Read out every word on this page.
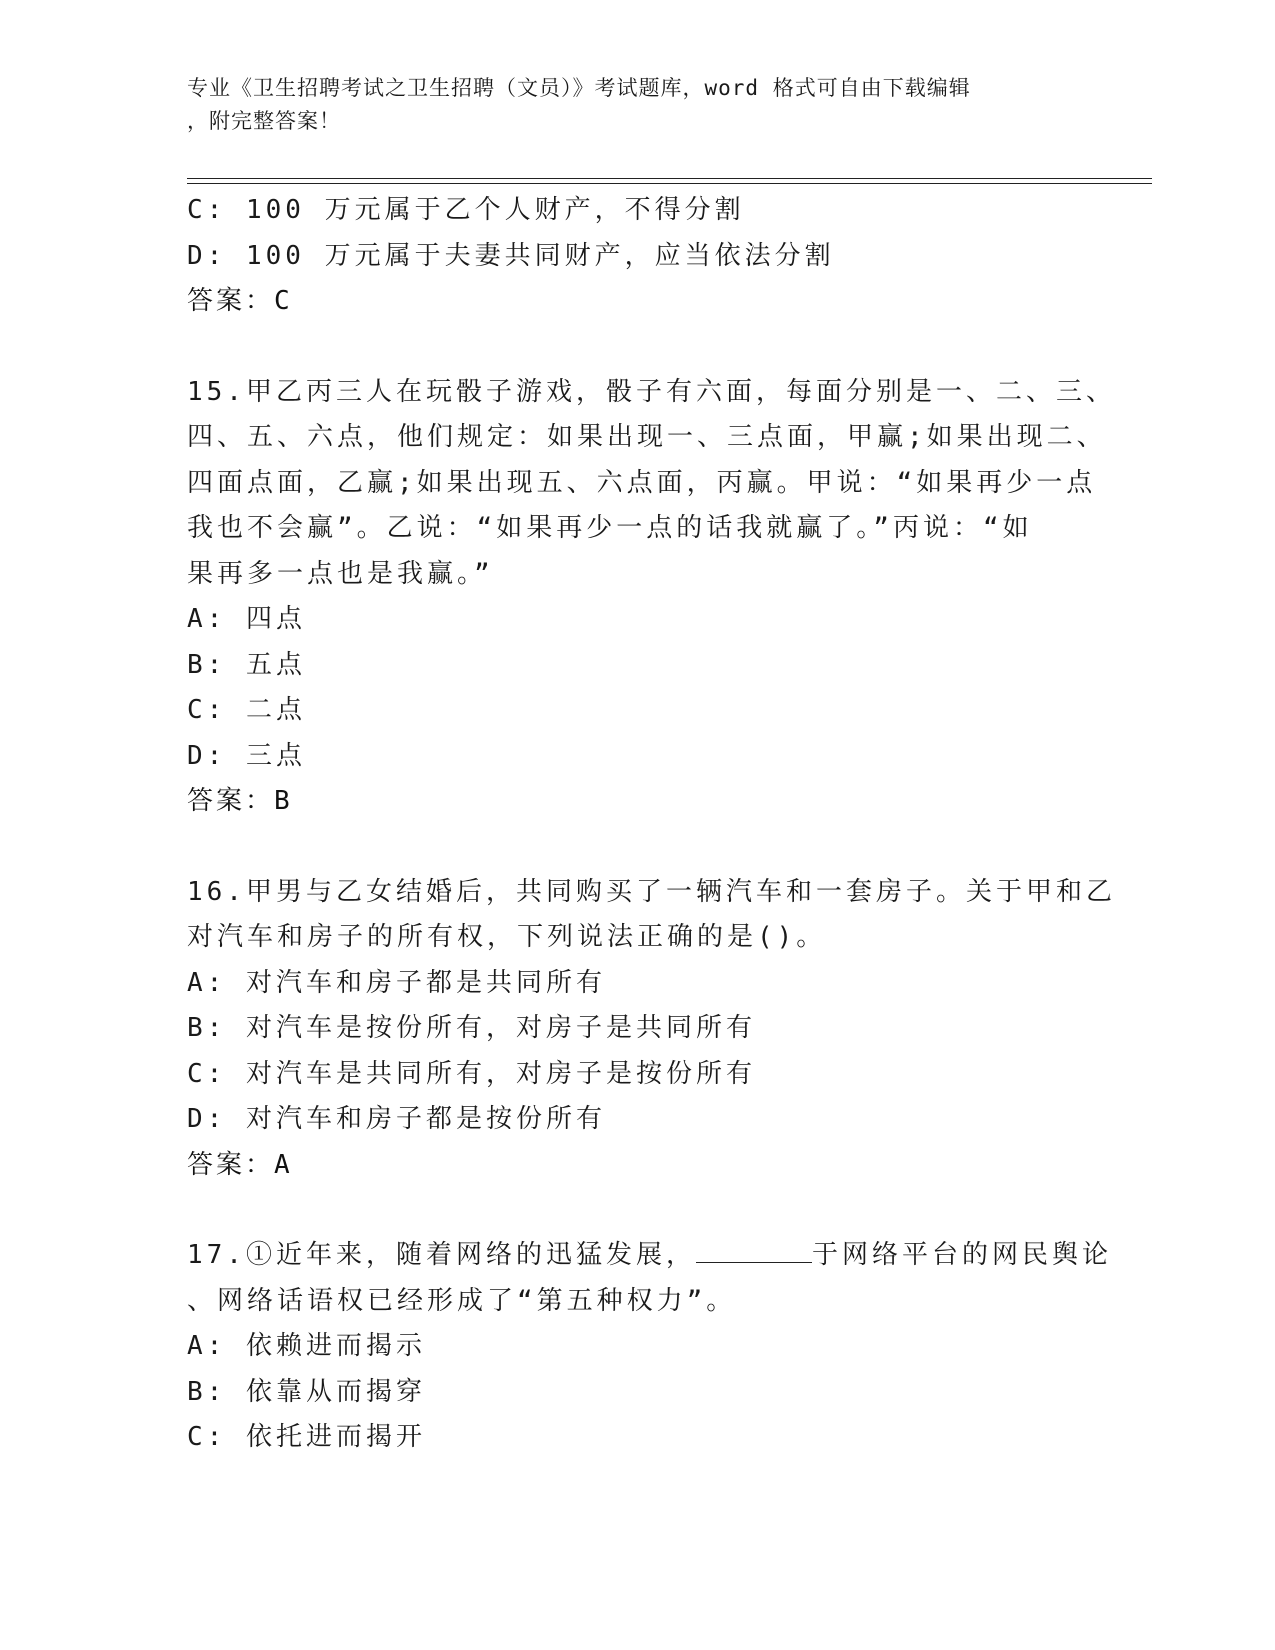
专业《卫生招聘考试之卫生招聘（文员）》考试题库，word 格式可自由下载编辑
，附完整答案！
C: 100 万元属于乙个人财产，不得分割
D: 100 万元属于夫妻共同财产，应当依法分割
答案：C
15.甲乙丙三人在玩骰子游戏，骰子有六面，每面分别是一、二、三、
四、五、六点，他们规定：如果出现一、三点面，甲赢;如果出现二、
四面点面，乙赢;如果出现五、六点面，丙赢。甲说：“如果再少一点
我也不会赢”。乙说：“如果再少一点的话我就赢了。”丙说：“如
果再多一点也是我赢。”
A: 四点
B: 五点
C: 二点
D: 三点
答案：B
16.甲男与乙女结婚后，共同购买了一辆汽车和一套房子。关于甲和乙
对汽车和房子的所有权，下列说法正确的是()。
A: 对汽车和房子都是共同所有
B: 对汽车是按份所有，对房子是共同所有
C: 对汽车是共同所有，对房子是按份所有
D: 对汽车和房子都是按份所有
答案：A
17.①近年来，随着网络的迅猛发展，	于网络平台的网民舆论
、网络话语权已经形成了“第五种权力”。
A: 依赖进而揭示
B: 依靠从而揭穿
C: 依托进而揭开
